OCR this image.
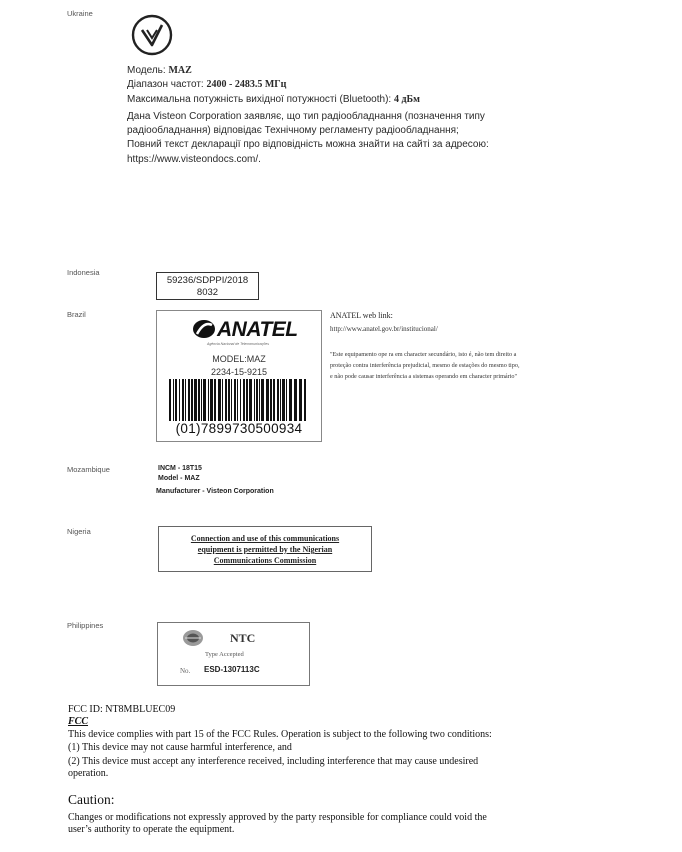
Ukraine
Модель: MAZ
Діапазон частот: 2400 - 2483.5 МГц
Максимальна потужність вихідної потужності (Bluetooth): 4 дБм
Дана Visteon Corporation заявляє, що тип радіообладнання (позначення типу
радіообладнання) відповідає Технічному регламенту радіообладнання;
Повний текст декларації про відповідність можна знайти на сайті за адресою:
https://www.visteondocs.com/.
Indonesia
59236/SDPPI/2018
8032
Brazil
ANATEL
Agência Nacional de Telecomunicações
MODEL:MAZ
2234-15-9215
(01)7899730500934
ANATEL web link:
http://www.anatel.gov.br/institucional/
"Este equipamento ope ra em character secundário, isto é, não tem direito a
proteção contra interferência prejudicial, mesmo de estações do mesmo tipo,
e não pode causar interferência a sistemas operando em character primário"
Mozambique	INCM - 18T15
Model - MAZ
Manufacturer - Visteon Corporation
Nigeria
Connection and use of this communications
equipment is permitted by the Nigerian
Communications Commission
Philippines
NTC
Type Accepted
No. ESD-1307113C
FCC ID: NT8MBLUEC09
FCC
This device complies with part 15 of the FCC Rules. Operation is subject to the following two conditions:
(1) This device may not cause harmful interference, and
(2) This device must accept any interference received, including interference that may cause undesired
operation.
Caution:
Changes or modifications not expressly approved by the party responsible for compliance could void the
user’s authority to operate the equipment.
